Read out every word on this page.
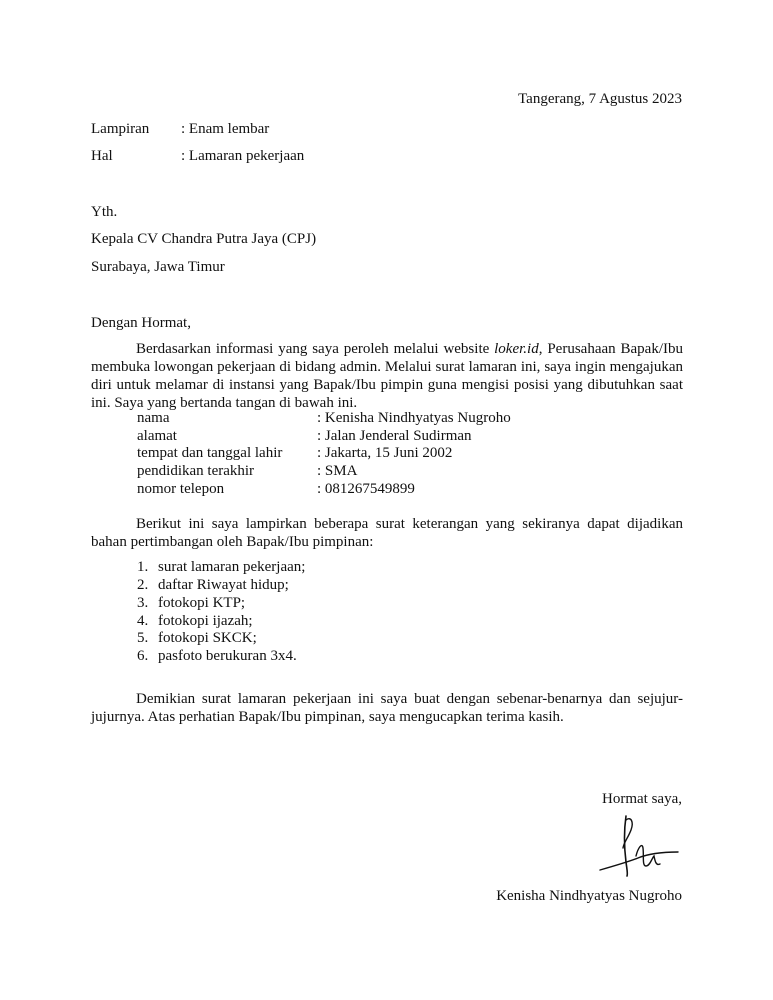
Tangerang, 7 Agustus 2023
Lampiran : Enam lembar
Hal	: Lamaran pekerjaan
Yth.
Kepala CV Chandra Putra Jaya (CPJ)
Surabaya, Jawa Timur
Dengan Hormat,
Berdasarkan informasi yang saya peroleh melalui website loker.id, Perusahaan Bapak/Ibu membuka lowongan pekerjaan di bidang admin. Melalui surat lamaran ini, saya ingin mengajukan diri untuk melamar di instansi yang Bapak/Ibu pimpin guna mengisi posisi yang dibutuhkan saat ini. Saya yang bertanda tangan di bawah ini.
nama	: Kenisha Nindhyatyas Nugroho
alamat	: Jalan Jenderal Sudirman
tempat dan tanggal lahir : Jakarta, 15 Juni 2002
pendidikan terakhir	: SMA
nomor telepon	: 081267549899
Berikut ini saya lampirkan beberapa surat keterangan yang sekiranya dapat dijadikan bahan pertimbangan oleh Bapak/Ibu pimpinan:
1. surat lamaran pekerjaan;
2. daftar Riwayat hidup;
3. fotokopi KTP;
4. fotokopi ijazah;
5. fotokopi SKCK;
6. pasfoto berukuran 3x4.
Demikian surat lamaran pekerjaan ini saya buat dengan sebenar-benarnya dan sejujur-jujurnya. Atas perhatian Bapak/Ibu pimpinan, saya mengucapkan terima kasih.
Hormat saya,
Kenisha Nindhyatyas Nugroho
